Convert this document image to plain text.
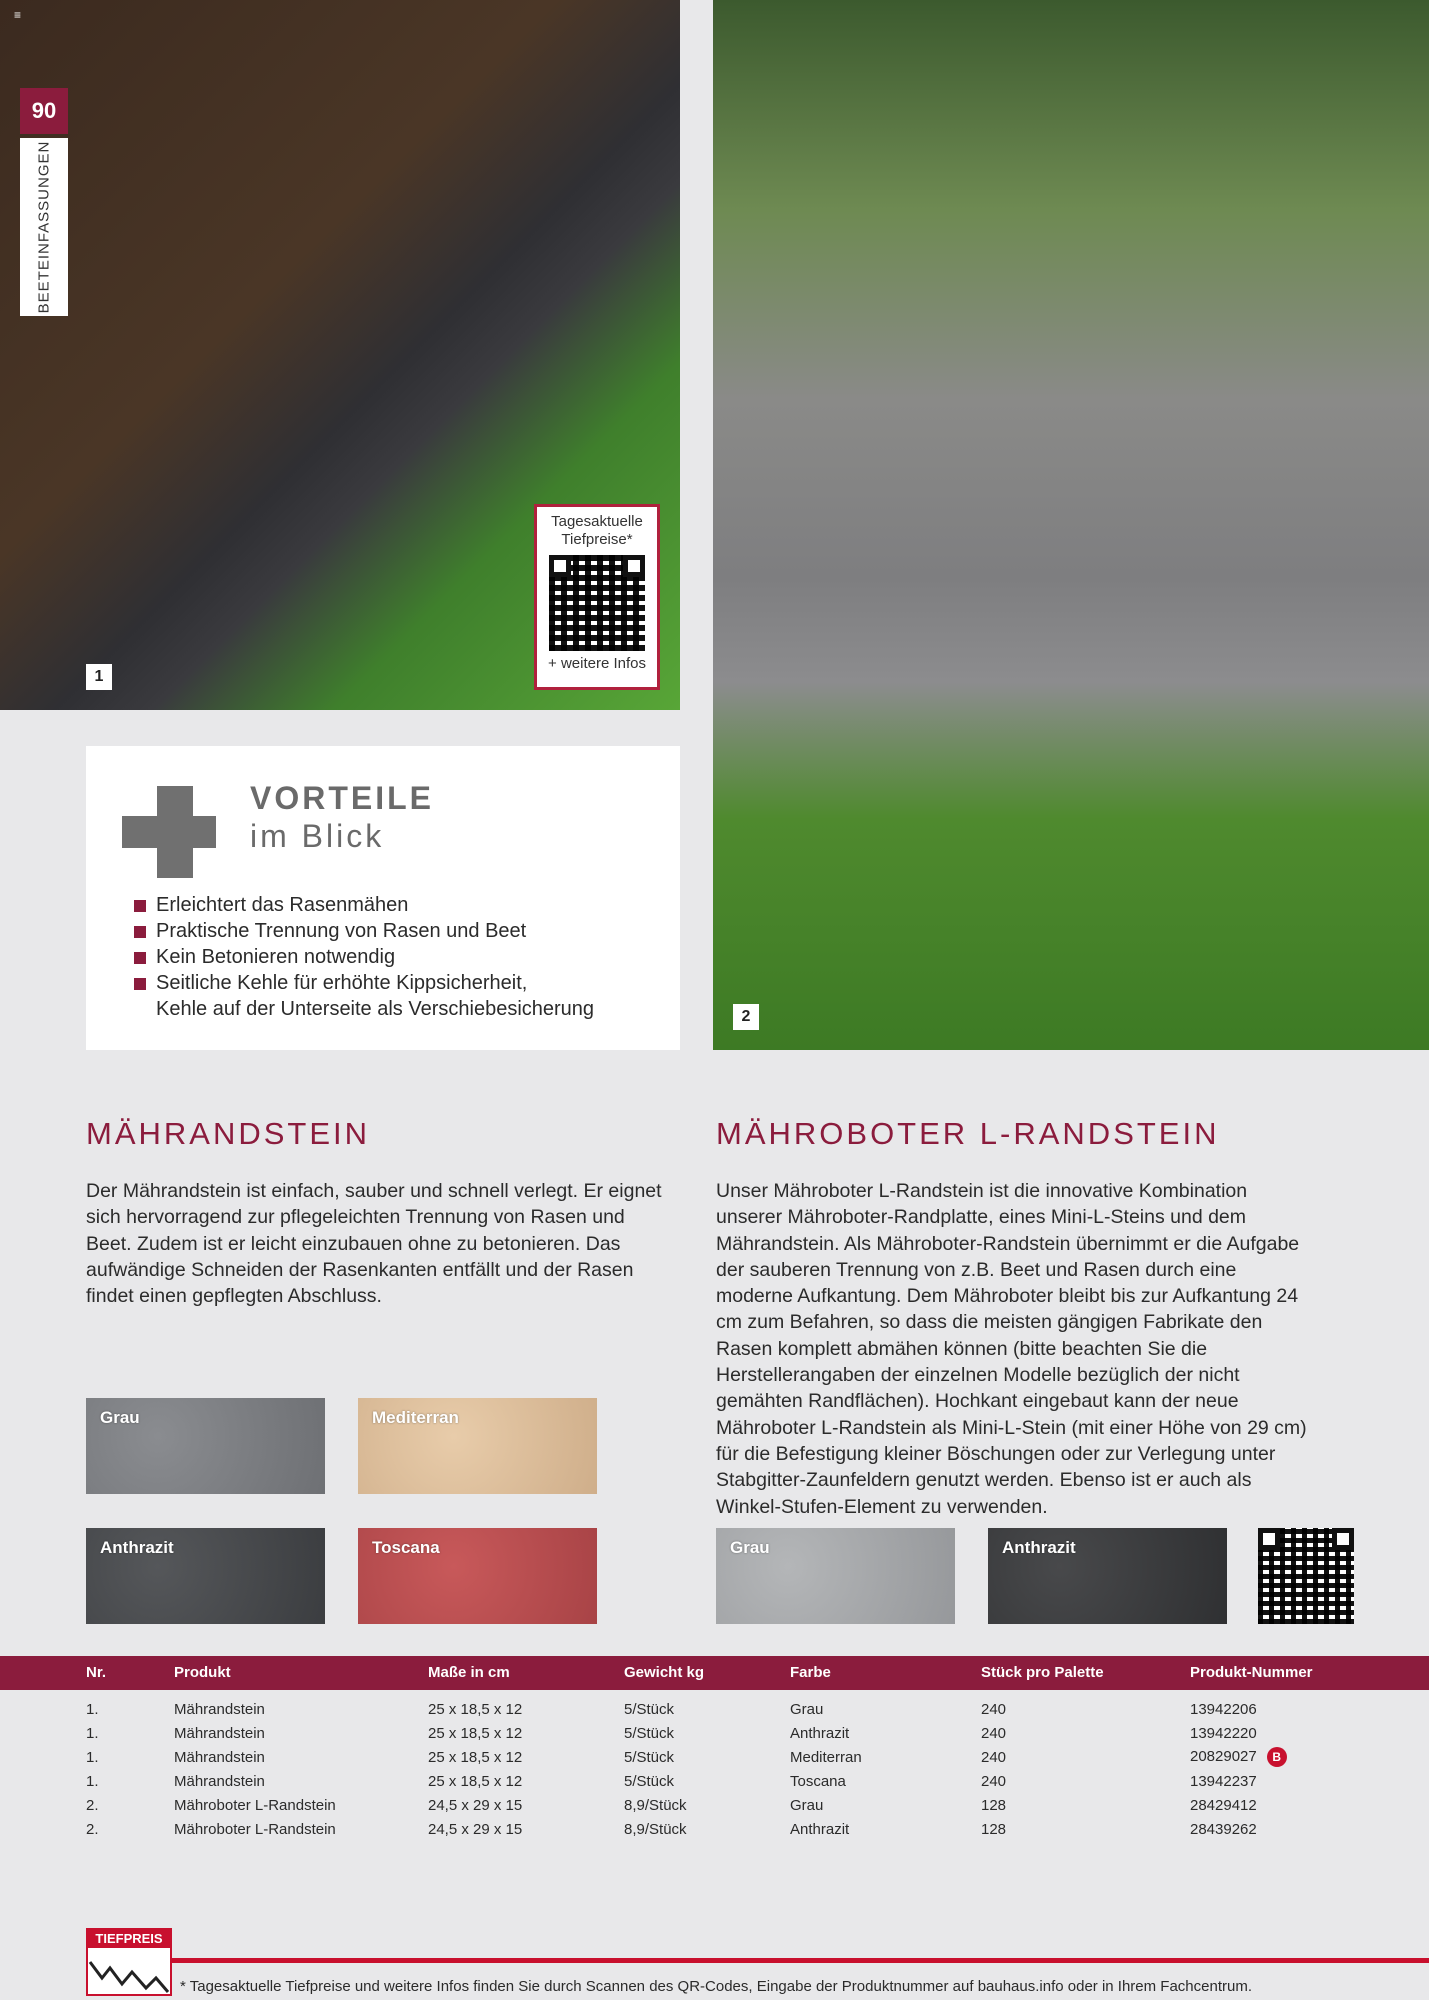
1
≡
90
BEETEINFASSUNGEN
Tagesaktuelle Tiefpreise*
+ weitere Infos
2
VORTEILE
im Blick
Erleichtert das Rasenmähen
Praktische Trennung von Rasen und Beet
Kein Betonieren notwendig
Seitliche Kehle für erhöhte Kippsicherheit,
Kehle auf der Unterseite als Verschiebesicherung
MÄHRANDSTEIN

Der Mährandstein ist einfach, sauber und schnell verlegt. Er eignet sich hervorragend zur pflegeleichten Trennung von Rasen und Beet. Zudem ist er leicht einzubauen ohne zu betonieren. Das aufwändige Schneiden der Rasenkanten entfällt und der Rasen findet einen gepflegten Abschluss.

Grau	Mediterran
Anthrazit	Toscana
MÄHROBOTER L-RANDSTEIN

Unser Mähroboter L-Randstein ist die innovative Kombination unserer Mähroboter-Randplatte, eines Mini-L-Steins und dem Mährandstein. Als Mähroboter-Randstein übernimmt er die Aufgabe der sauberen Trennung von z.B. Beet und Rasen durch eine moderne Aufkantung. Dem Mähroboter bleibt bis zur Aufkantung 24 cm zum Befahren, so dass die meisten gängigen Fabrikate den Rasen komplett abmähen können (bitte beachten Sie die Herstellerangaben der einzelnen Modelle bezüglich der nicht gemähten Randflächen). Hochkant eingebaut kann der neue Mähroboter L-Randstein als Mini-L-Stein (mit einer Höhe von 29 cm) für die Befestigung kleiner Böschungen oder zur Verlegung unter Stabgitter-Zaunfeldern genutzt werden. Ebenso ist er auch als Winkel-Stufen-Element zu verwenden.

Grau	Anthrazit
Nr.	Produkt	Maße in cm	Gewicht kg	Farbe	Stück pro Palette	Produkt-Nummer
1.	Mährandstein	25 x 18,5 x 12	5/Stück	Grau	240	13942206
1.	Mährandstein	25 x 18,5 x 12	5/Stück	Anthrazit	240	13942220
1.	Mährandstein	25 x 18,5 x 12	5/Stück	Mediterran	240	20829027 B
1.	Mährandstein	25 x 18,5 x 12	5/Stück	Toscana	240	13942237
2.	Mähroboter L-Randstein	24,5 x 29 x 15	8,9/Stück	Grau	128	28429412
2.	Mähroboter L-Randstein	24,5 x 29 x 15	8,9/Stück	Anthrazit	128	28439262
TIEFPREIS
* Tagesaktuelle Tiefpreise und weitere Infos finden Sie durch Scannen des QR-Codes, Eingabe der Produktnummer auf bauhaus.info oder in Ihrem Fachcentrum.
